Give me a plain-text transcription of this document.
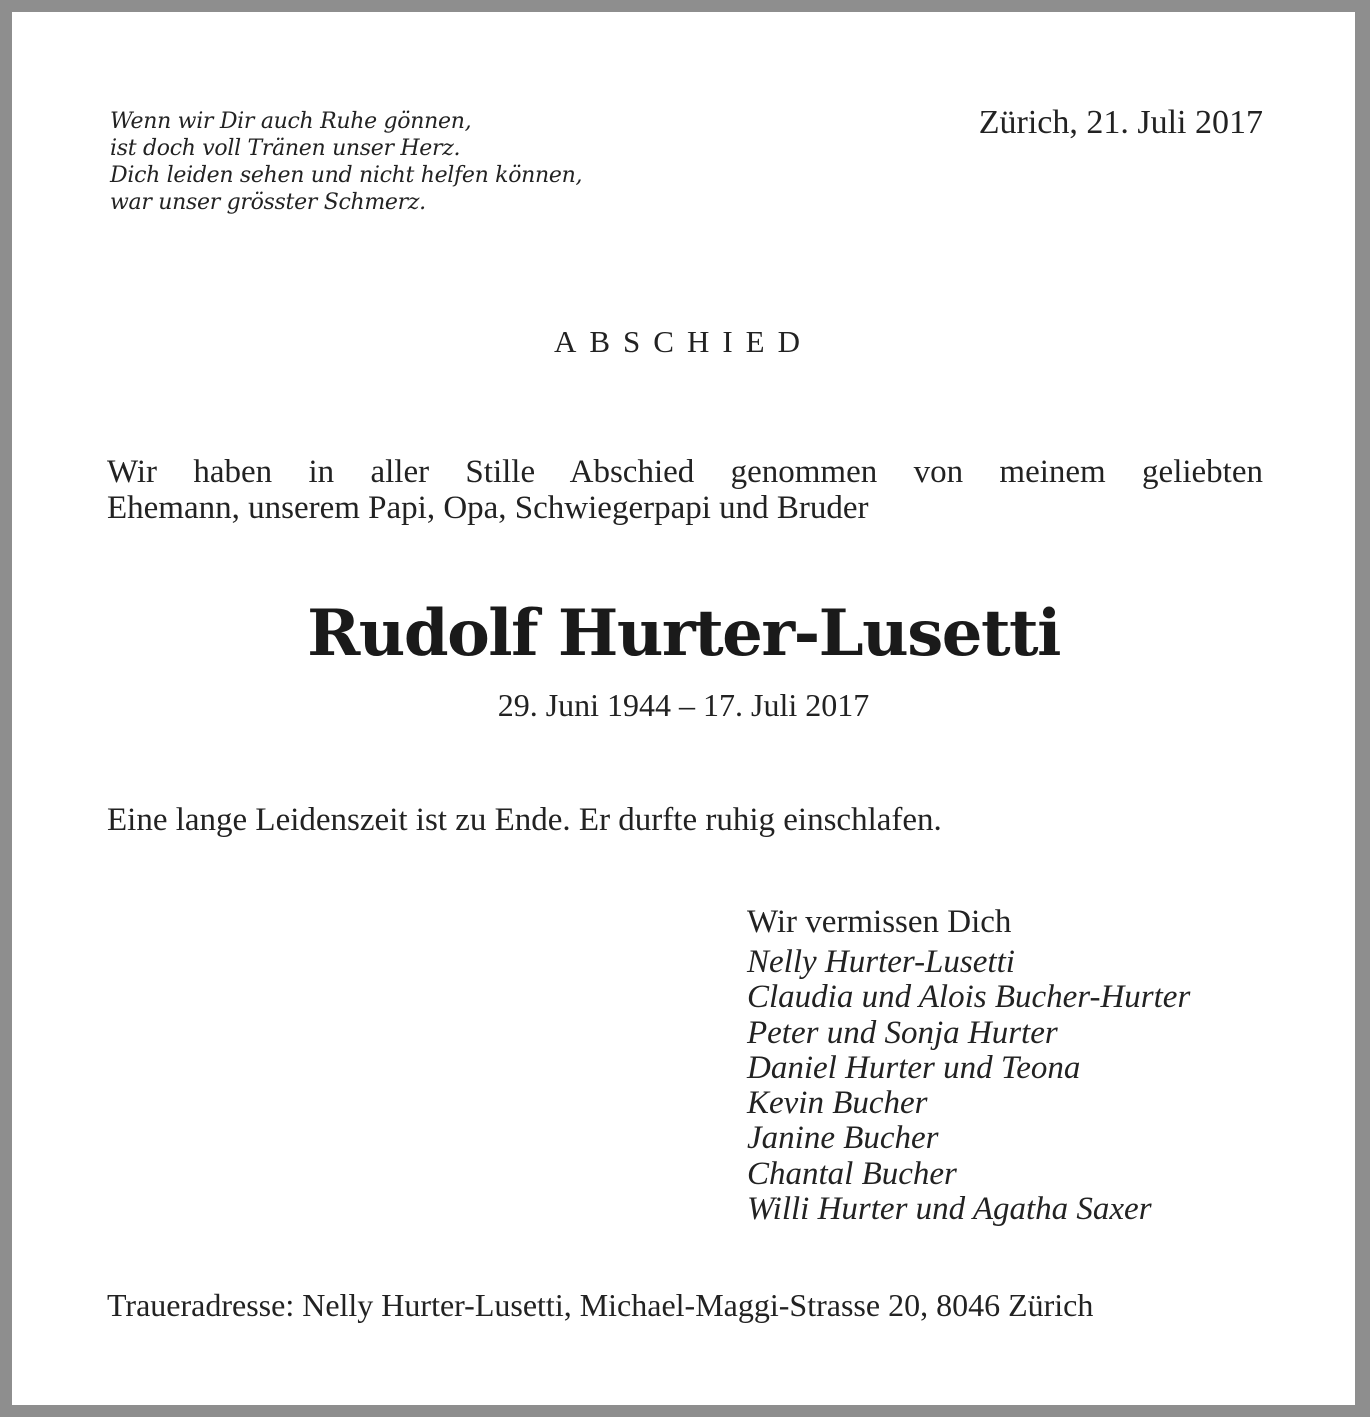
Wenn wir Dir auch Ruhe gönnen,
ist doch voll Tränen unser Herz.
Dich leiden sehen und nicht helfen können,
war unser grösster Schmerz.
Zürich, 21. Juli 2017
ABSCHIED
Wir haben in aller Stille Abschied genommen von meinem geliebten
Ehemann, unserem Papi, Opa, Schwiegerpapi und Bruder
Rudolf Hurter-Lusetti
29. Juni 1944 – 17. Juli 2017
Eine lange Leidenszeit ist zu Ende. Er durfte ruhig einschlafen.
Wir vermissen Dich
Nelly Hurter-Lusetti
Claudia und Alois Bucher-Hurter
Peter und Sonja Hurter
Daniel Hurter und Teona
Kevin Bucher
Janine Bucher
Chantal Bucher
Willi Hurter und Agatha Saxer
Traueradresse: Nelly Hurter-Lusetti, Michael-Maggi-Strasse 20, 8046 Zürich
